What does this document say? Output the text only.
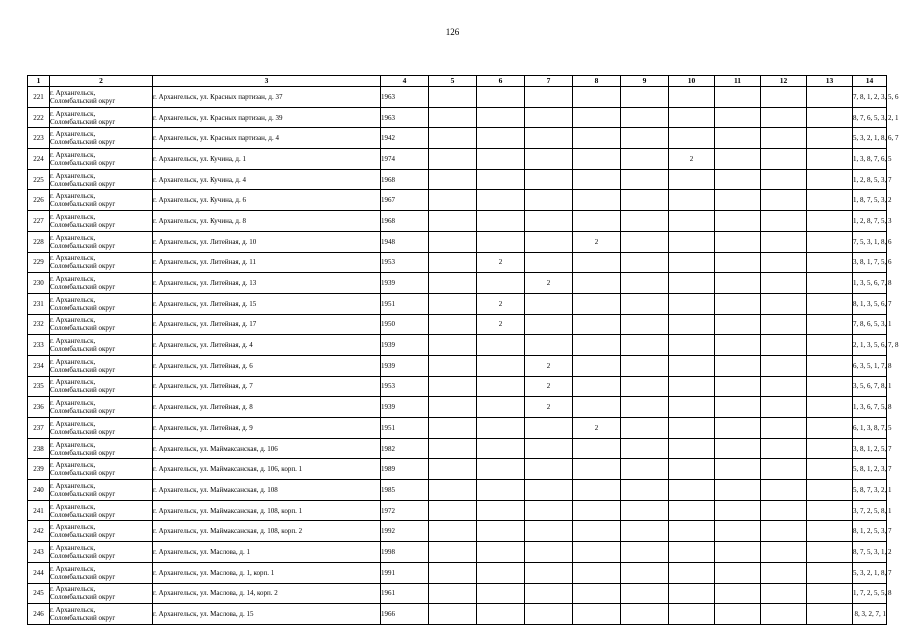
126
1	2	3	4	5	6	7	8	9	10	11	12	13	14
221	г. Архангельск,
Соломбальский округ	г. Архангельск, ул. Красных партизан, д. 37	1963										7, 8, 1, 2, 3, 5, 6
222	г. Архангельск,
Соломбальский округ	г. Архангельск, ул. Красных партизан, д. 39	1963										8, 7, 6, 5, 3, 2, 1
223	г. Архангельск,
Соломбальский округ	г. Архангельск, ул. Красных партизан, д. 4	1942										5, 3, 2, 1, 8, 6, 7
224	г. Архангельск,
Соломбальский округ	г. Архангельск, ул. Кучина, д. 1	1974						2				1, 3, 8, 7, 6, 5
225	г. Архангельск,
Соломбальский округ	г. Архангельск, ул. Кучина, д. 4	1968										1, 2, 8, 5, 3, 7
226	г. Архангельск,
Соломбальский округ	г. Архангельск, ул. Кучина, д. 6	1967										1, 8, 7, 5, 3, 2
227	г. Архангельск,
Соломбальский округ	г. Архангельск, ул. Кучина, д. 8	1968										1, 2, 8, 7, 5, 3
228	г. Архангельск,
Соломбальский округ	г. Архангельск, ул. Литейная, д. 10	1948				2						7, 5, 3, 1, 8, 6
229	г. Архангельск,
Соломбальский округ	г. Архангельск, ул. Литейная, д. 11	1953		2								3, 8, 1, 7, 5, 6
230	г. Архангельск,
Соломбальский округ	г. Архангельск, ул. Литейная, д. 13	1939			2							1, 3, 5, 6, 7, 8
231	г. Архангельск,
Соломбальский округ	г. Архангельск, ул. Литейная, д. 15	1951		2								8, 1, 3, 5, 6, 7
232	г. Архангельск,
Соломбальский округ	г. Архангельск, ул. Литейная, д. 17	1950		2								7, 8, 6, 5, 3, 1
233	г. Архангельск,
Соломбальский округ	г. Архангельск, ул. Литейная, д. 4	1939										2, 1, 3, 5, 6, 7, 8
234	г. Архангельск,
Соломбальский округ	г. Архангельск, ул. Литейная, д. 6	1939			2							6, 3, 5, 1, 7, 8
235	г. Архангельск,
Соломбальский округ	г. Архангельск, ул. Литейная, д. 7	1953			2							3, 5, 6, 7, 8, 1
236	г. Архангельск,
Соломбальский округ	г. Архангельск, ул. Литейная, д. 8	1939			2							1, 3, 6, 7, 5, 8
237	г. Архангельск,
Соломбальский округ	г. Архангельск, ул. Литейная, д. 9	1951				2						6, 1, 3, 8, 7, 5
238	г. Архангельск,
Соломбальский округ	г. Архангельск, ул. Маймаксанская, д. 106	1982										3, 8, 1, 2, 5, 7
239	г. Архангельск,
Соломбальский округ	г. Архангельск, ул. Маймаксанская, д. 106, корп. 1	1989										5, 8, 1, 2, 3, 7
240	г. Архангельск,
Соломбальский округ	г. Архангельск, ул. Маймаксанская, д. 108	1985										5, 8, 7, 3, 2, 1
241	г. Архангельск,
Соломбальский округ	г. Архангельск, ул. Маймаксанская, д. 108, корп. 1	1972										3, 7, 2, 5, 8, 1
242	г. Архангельск,
Соломбальский округ	г. Архангельск, ул. Маймаксанская, д. 108, корп. 2	1992										8, 1, 2, 5, 3, 7
243	г. Архангельск,
Соломбальский округ	г. Архангельск, ул. Маслова, д. 1	1998										8, 7, 5, 3, 1, 2
244	г. Архангельск,
Соломбальский округ	г. Архангельск, ул. Маслова, д. 1, корп. 1	1991										5, 3, 2, 1, 8, 7
245	г. Архангельск,
Соломбальский округ	г. Архангельск, ул. Маслова, д. 14, корп. 2	1961										1, 7, 2, 5, 5, 8
246	г. Архангельск,
Соломбальский округ	г. Архангельск, ул. Маслова, д. 15	1966										8, 3, 2, 7, 1
